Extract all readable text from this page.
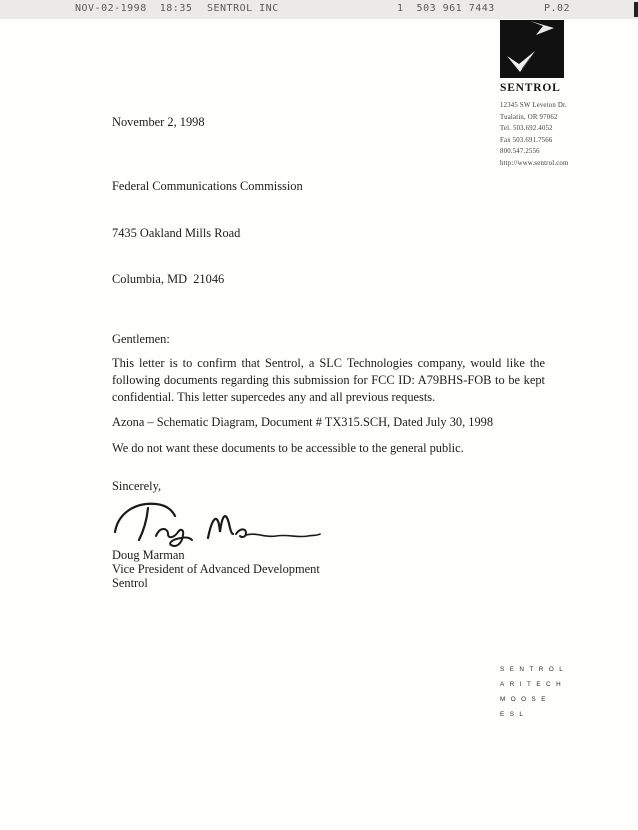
NOV-02-1998  18:35 SENTROL INC	1  503 961 7443	P.02
SENTROL
12345 SW Leveton Dr.
Tualatin, OR 97062
Tel. 503.692.4052
Fax 503.691.7566
800.547.2556
http://www.sentrol.com
November 2, 1998

Federal Communications Commission

7435 Oakland Mills Road

Columbia, MD  21046

Gentlemen:
This letter is to confirm that Sentrol, a SLC Technologies company, would like the following documents regarding this submission for FCC ID: A79BHS-FOB to be kept confidential. This letter supercedes any and all previous requests.
Azona – Schematic Diagram, Document # TX315.SCH, Dated July 30, 1998
We do not want these documents to be accessible to the general public.
Sincerely,
Doug Marman
Vice President of Advanced Development
Sentrol
SENTROL
ARITECH
MOOSE
ESL
